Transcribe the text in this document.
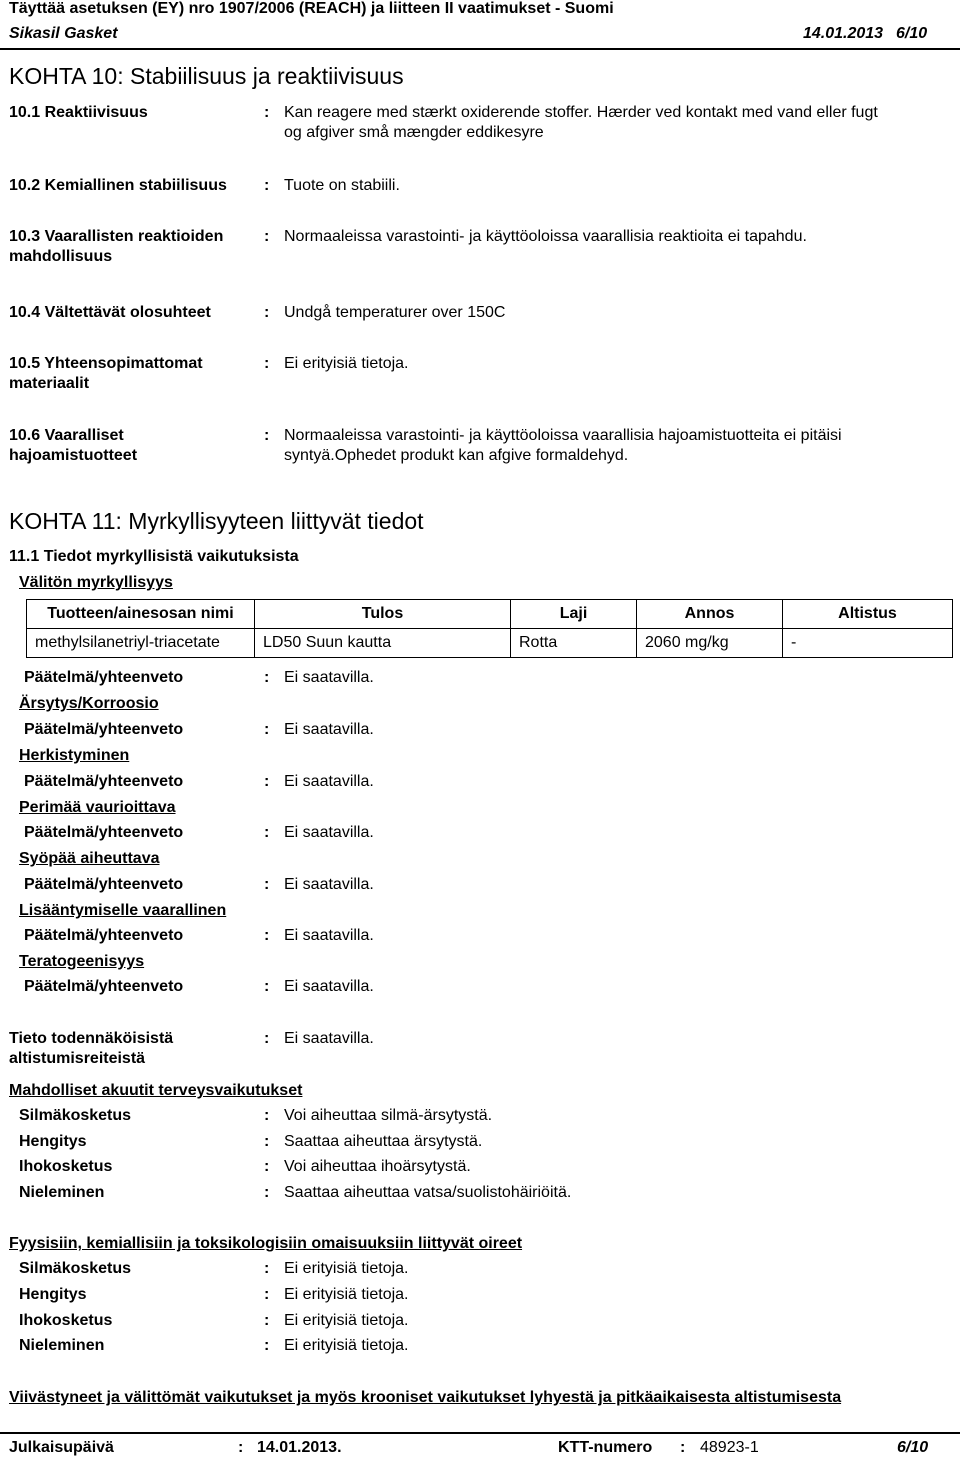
Täyttää asetuksen (EY) nro 1907/2006 (REACH) ja liitteen II vaatimukset - Suomi
Sikasil Gasket	14.01.2013 6/10
KOHTA 10: Stabiilisuus ja reaktiivisuus
10.1 Reaktiivisuus	: Kan reagere med stærkt oxiderende stoffer. Hærder ved kontakt med vand eller fugt
og afgiver små mængder eddikesyre
10.2 Kemiallinen stabiilisuus : Tuote on stabiili.
10.3 Vaarallisten reaktioiden
mahdollisuus
: Normaaleissa varastointi- ja käyttöoloissa vaarallisia reaktioita ei tapahdu.
10.4 Vältettävät olosuhteet	: Undgå temperaturer over 150C
10.5 Yhteensopimattomat
materiaalit
: Ei erityisiä tietoja.
10.6 Vaaralliset
hajoamistuotteet
: Normaaleissa varastointi- ja käyttöoloissa vaarallisia hajoamistuotteita ei pitäisi
syntyä.Ophedet produkt kan afgive formaldehyd.
KOHTA 11: Myrkyllisyyteen liittyvät tiedot
11.1 Tiedot myrkyllisistä vaikutuksista
Välitön myrkyllisyys
Tuotteen/ainesosan nimi	Tulos	Laji	Annos	Altistus
methylsilanetriyl-triacetate	LD50 Suun kautta	Rotta	2060 mg/kg	-
Päätelmä/yhteenveto	: Ei saatavilla.
Ärsytys/Korroosio
Päätelmä/yhteenveto	: Ei saatavilla.
Herkistyminen
Päätelmä/yhteenveto	: Ei saatavilla.
Perimää vaurioittava
Päätelmä/yhteenveto	: Ei saatavilla.
Syöpää aiheuttava
Päätelmä/yhteenveto	: Ei saatavilla.
Lisääntymiselle vaarallinen
Päätelmä/yhteenveto	: Ei saatavilla.
Teratogeenisyys
Päätelmä/yhteenveto	: Ei saatavilla.
Tieto todennäköisistä
altistumisreiteistä
: Ei saatavilla.
Mahdolliset akuutit terveysvaikutukset
Silmäkosketus	: Voi aiheuttaa silmä-ärsytystä.
Hengitys	: Saattaa aiheuttaa ärsytystä.
Ihokosketus	: Voi aiheuttaa ihoärsytystä.
Nieleminen	: Saattaa aiheuttaa vatsa/suolistohäiriöitä.
Fyysisiin, kemiallisiin ja toksikologisiin omaisuuksiin liittyvät oireet
Silmäkosketus	: Ei erityisiä tietoja.
Hengitys	: Ei erityisiä tietoja.
Ihokosketus	: Ei erityisiä tietoja.
Nieleminen	: Ei erityisiä tietoja.
Viivästyneet ja välittömät vaikutukset ja myös krooniset vaikutukset lyhyestä ja pitkäaikaisesta altistumisesta
Julkaisupäivä	: 14.01.2013.	KTT-numero : 48923-1	6/10
